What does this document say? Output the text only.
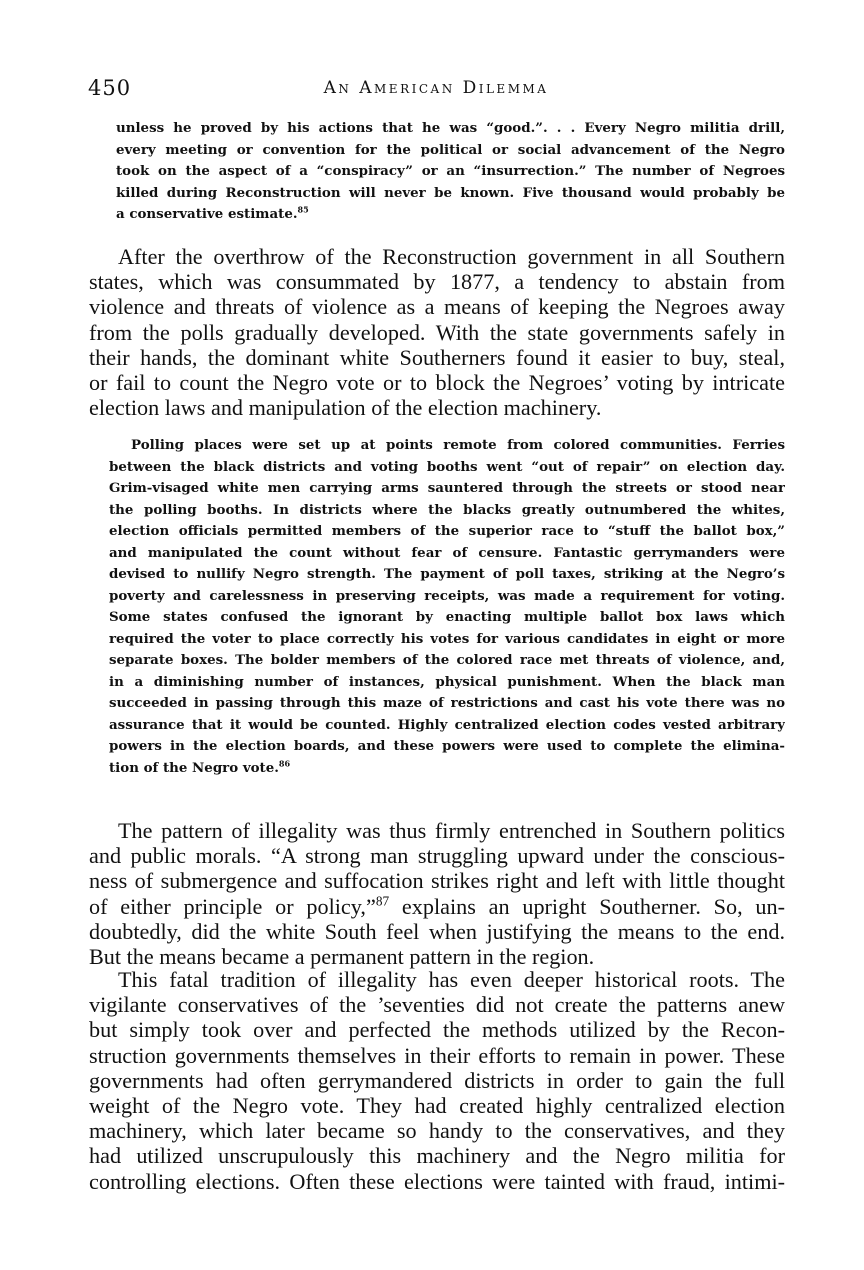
450	An American Dilemma
unless he proved by his actions that he was “good.”. . . Every Negro militia drill,
every meeting or convention for the political or social advancement of the Negro
took on the aspect of a “conspiracy” or an “insurrection.” The number of Negroes
killed during Reconstruction will never be known. Five thousand would probably be
a conservative estimate.$^{85}$
After the overthrow of the Reconstruction government in all Southern
states, which was consummated by 1877, a tendency to abstain from
violence and threats of violence as a means of keeping the Negroes away
from the polls gradually developed. With the state governments safely in
their hands, the dominant white Southerners found it easier to buy, steal,
or fail to count the Negro vote or to block the Negroes’ voting by intricate
election laws and manipulation of the election machinery.
Polling places were set up at points remote from colored communities. Ferries
between the black districts and voting booths went “out of repair” on election day.
Grim-visaged white men carrying arms sauntered through the streets or stood near
the polling booths. In districts where the blacks greatly outnumbered the whites,
election officials permitted members of the superior race to “stuff the ballot box,”
and manipulated the count without fear of censure. Fantastic gerrymanders were
devised to nullify Negro strength. The payment of poll taxes, striking at the Negro’s
poverty and carelessness in preserving receipts, was made a requirement for voting.
Some states confused the ignorant by enacting multiple ballot box laws which
required the voter to place correctly his votes for various candidates in eight or more
separate boxes. The bolder members of the colored race met threats of violence, and,
in a diminishing number of instances, physical punishment. When the black man
succeeded in passing through this maze of restrictions and cast his vote there was no
assurance that it would be counted. Highly centralized election codes vested arbitrary
powers in the election boards, and these powers were used to complete the elimina-
tion of the Negro vote.$^{86}$
The pattern of illegality was thus firmly entrenched in Southern politics
and public morals. “A strong man struggling upward under the conscious-
ness of submergence and suffocation strikes right and left with little thought
of either principle or policy,”$^{87}$ explains an upright Southerner. So, un-
doubtedly, did the white South feel when justifying the means to the end.
But the means became a permanent pattern in the region.
This fatal tradition of illegality has even deeper historical roots. The
vigilante conservatives of the ’seventies did not create the patterns anew
but simply took over and perfected the methods utilized by the Recon-
struction governments themselves in their efforts to remain in power. These
governments had often gerrymandered districts in order to gain the full
weight of the Negro vote. They had created highly centralized election
machinery, which later became so handy to the conservatives, and they
had utilized unscrupulously this machinery and the Negro militia for
controlling elections. Often these elections were tainted with fraud, intimi-
